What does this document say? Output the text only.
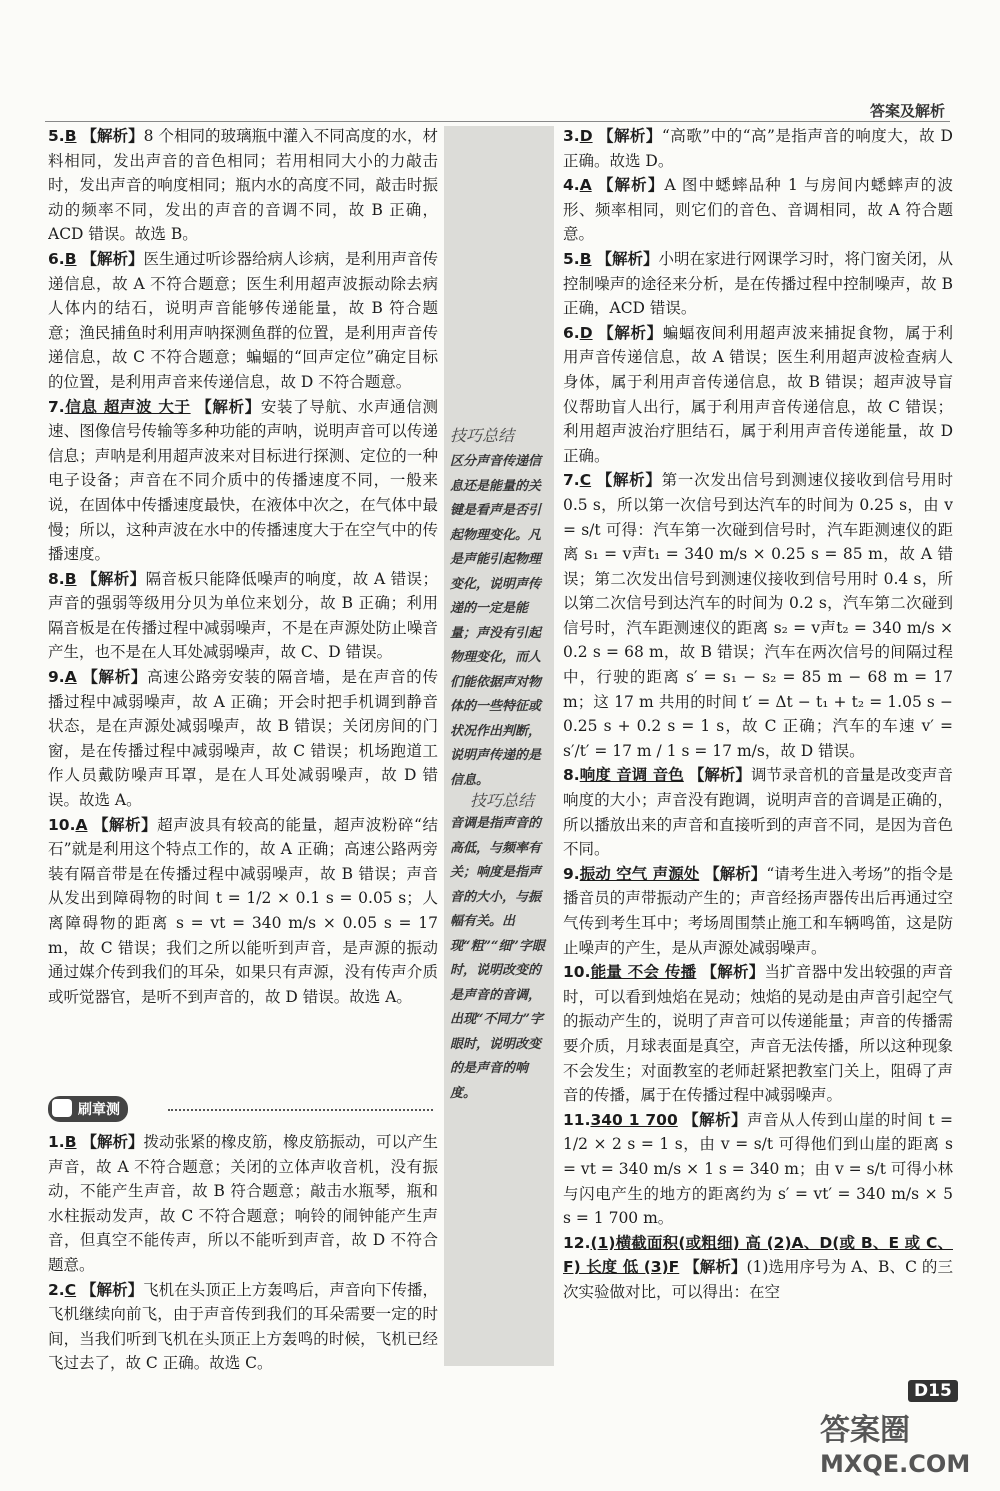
答案及解析
技巧总结
区分声音传递信息还是能量的关键是看声是否引起物理变化。凡是声能引起物理变化，说明声传递的一定是能量；声没有引起物理变化，而人们能依据声对物体的一些特征或状况作出判断，说明声传递的是信息。
技巧总结
音调是指声音的高低，与频率有关；响度是指声音的大小，与振幅有关。出现“粗”“细”字眼时，说明改变的是声音的音调，出现“不同力”字眼时，说明改变的是声音的响度。

5.B 【解析】8 个相同的玻璃瓶中灌入不同高度的水，材料相同，发出声音的音色相同；若用相同大小的力敲击时，发出声音的响度相同；瓶内水的高度不同，敲击时振动的频率不同，发出的声音的音调不同，故 B 正确，ACD 错误。故选 B。

6.B 【解析】医生通过听诊器给病人诊病，是利用声音传递信息，故 A 不符合题意；医生利用超声波振动除去病人体内的结石，说明声音能够传递能量，故 B 符合题意；渔民捕鱼时利用声呐探测鱼群的位置，是利用声音传递信息，故 C 不符合题意；蝙蝠的“回声定位”确定目标的位置，是利用声音来传递信息，故 D 不符合题意。

7.信息 超声波 大于 【解析】安装了导航、水声通信测速、图像信号传输等多种功能的声呐，说明声音可以传递信息；声呐是利用超声波来对目标进行探测、定位的一种电子设备；声音在不同介质中的传播速度不同，一般来说，在固体中传播速度最快，在液体中次之，在气体中最慢；所以，这种声波在水中的传播速度大于在空气中的传播速度。

8.B 【解析】隔音板只能降低噪声的响度，故 A 错误；声音的强弱等级用分贝为单位来划分，故 B 正确；利用隔音板是在传播过程中减弱噪声，不是在声源处防止噪音产生，也不是在人耳处减弱噪声，故 C、D 错误。

9.A 【解析】高速公路旁安装的隔音墙，是在声音的传播过程中减弱噪声，故 A 正确；开会时把手机调到静音状态，是在声源处减弱噪声，故 B 错误；关闭房间的门窗，是在传播过程中减弱噪声，故 C 错误；机场跑道工作人员戴防噪声耳罩，是在人耳处减弱噪声，故 D 错误。故选 A。

10.A 【解析】超声波具有较高的能量，超声波粉碎“结石”就是利用这个特点工作的，故 A 正确；高速公路两旁装有隔音带是在传播过程中减弱噪声，故 B 错误；声音从发出到障碍物的时间 t = 1/2 × 0.1 s = 0.05 s；人离障碍物的距离 s = vt = 340 m/s × 0.05 s = 17 m，故 C 错误；我们之所以能听到声音，是声源的振动通过媒介传到我们的耳朵，如果只有声源，没有传声介质或听觉器官，是听不到声音的，故 D 错误。故选 A。

刷章测

1.B 【解析】拨动张紧的橡皮筋，橡皮筋振动，可以产生声音，故 A 不符合题意；关闭的立体声收音机，没有振动，不能产生声音，故 B 符合题意；敲击水瓶琴，瓶和水柱振动发声，故 C 不符合题意；响铃的闹钟能产生声音，但真空不能传声，所以不能听到声音，故 D 不符合题意。

2.C 【解析】飞机在头顶正上方轰鸣后，声音向下传播，飞机继续向前飞，由于声音传到我们的耳朵需要一定的时间，当我们听到飞机在头顶正上方轰鸣的时候，飞机已经飞过去了，故 C 正确。故选 C。

3.D 【解析】“高歌”中的“高”是指声音的响度大，故 D 正确。故选 D。

4.A 【解析】A 图中蟋蟀品种 1 与房间内蟋蟀声的波形、频率相同，则它们的音色、音调相同，故 A 符合题意。

5.B 【解析】小明在家进行网课学习时，将门窗关闭，从控制噪声的途径来分析，是在传播过程中控制噪声，故 B 正确，ACD 错误。

6.D 【解析】蝙蝠夜间利用超声波来捕捉食物，属于利用声音传递信息，故 A 错误；医生利用超声波检查病人身体，属于利用声音传递信息，故 B 错误；超声波导盲仪帮助盲人出行，属于利用声音传递信息，故 C 错误；利用超声波治疗胆结石，属于利用声音传递能量，故 D 正确。

7.C 【解析】第一次发出信号到测速仪接收到信号用时 0.5 s，所以第一次信号到达汽车的时间为 0.25 s，由 v = s/t 可得：汽车第一次碰到信号时，汽车距测速仪的距离 s₁ = v声t₁ = 340 m/s × 0.25 s = 85 m，故 A 错误；第二次发出信号到测速仪接收到信号用时 0.4 s，所以第二次信号到达汽车的时间为 0.2 s，汽车第二次碰到信号时，汽车距测速仪的距离 s₂ = v声t₂ = 340 m/s × 0.2 s = 68 m，故 B 错误；汽车在两次信号的间隔过程中，行驶的距离 s′ = s₁ − s₂ = 85 m − 68 m = 17 m；这 17 m 共用的时间 t′ = Δt − t₁ + t₂ = 1.05 s − 0.25 s + 0.2 s = 1 s，故 C 正确；汽车的车速 v′ = s′/t′ = 17 m / 1 s = 17 m/s，故 D 错误。

8.响度 音调 音色 【解析】调节录音机的音量是改变声音响度的大小；声音没有跑调，说明声音的音调是正确的，所以播放出来的声音和直接听到的声音不同，是因为音色不同。

9.振动 空气 声源处 【解析】“请考生进入考场”的指令是播音员的声带振动产生的；声音经扬声器传出后再通过空气传到考生耳中；考场周围禁止施工和车辆鸣笛，这是防止噪声的产生，是从声源处减弱噪声。

10.能量 不会 传播 【解析】当扩音器中发出较强的声音时，可以看到烛焰在晃动；烛焰的晃动是由声音引起空气的振动产生的，说明了声音可以传递能量；声音的传播需要介质，月球表面是真空，声音无法传播，所以这种现象不会发生；对面教室的老师赶紧把教室门关上，阻碍了声音的传播，属于在传播过程中减弱噪声。

11.340 1 700 【解析】声音从人传到山崖的时间 t = 1/2 × 2 s = 1 s，由 v = s/t 可得他们到山崖的距离 s = vt = 340 m/s × 1 s = 340 m；由 v = s/t 可得小林与闪电产生的地方的距离约为 s′ = vt′ = 340 m/s × 5 s = 1 700 m。

12.(1)横截面积(或粗细) 高 (2)A、D(或 B、E 或 C、F) 长度 低 (3)F 【解析】(1)选用序号为 A、B、C 的三次实验做对比，可以得出：在空

D15
答案圈
MXQE.COM
